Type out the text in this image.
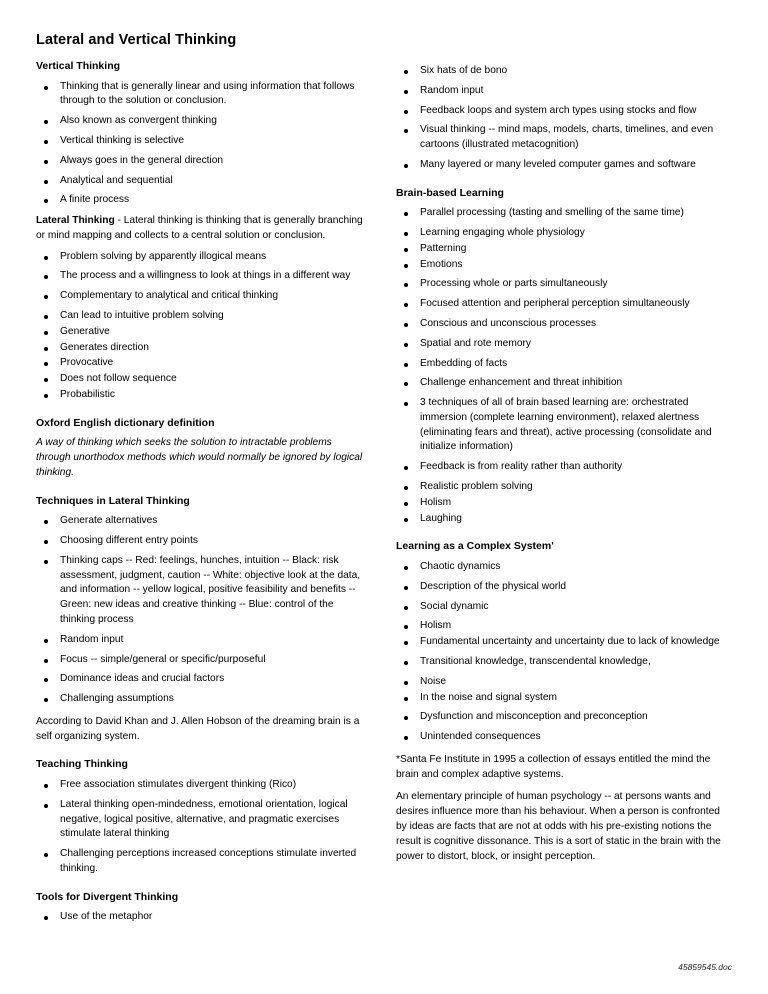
Lateral and Vertical Thinking
Vertical Thinking
Thinking that is generally linear and using information that follows through to the solution or conclusion.
Also known as convergent thinking
Vertical thinking is selective
Always goes in the general direction
Analytical and sequential
A finite process

Lateral Thinking - Lateral thinking is thinking that is generally branching or mind mapping and collects to a central solution or conclusion.

Problem solving by apparently illogical means
The process and a willingness to look at things in a different way
Complementary to analytical and critical thinking
Can lead to intuitive problem solving
Generative
Generates direction
Provocative
Does not follow sequence
Probabilistic
Oxford English dictionary definition

A way of thinking which seeks the solution to intractable problems through unorthodox methods which would normally be ignored by logical thinking.

Techniques in Lateral Thinking
Generate alternatives
Choosing different entry points
Thinking caps -- Red: feelings, hunches, intuition -- Black: risk assessment, judgment, caution -- White: objective look at the data, and information -- yellow logical, positive feasibility and benefits -- Green: new ideas and creative thinking -- Blue: control of the thinking process
Random input
Focus -- simple/general or specific/purposeful
Dominance ideas and crucial factors
Challenging assumptions

According to David Khan and J. Allen Hobson of the dreaming brain is a self organizing system.

Teaching Thinking
Free association stimulates divergent thinking (Rico)
Lateral thinking open-mindedness, emotional orientation, logical negative, logical positive, alternative, and pragmatic exercises stimulate lateral thinking
Challenging perceptions increased conceptions stimulate inverted thinking.
Tools for Divergent Thinking
Use of the metaphor
Six hats of de bono
Random input
Feedback loops and system arch types using stocks and flow
Visual thinking -- mind maps, models, charts, timelines, and even cartoons (illustrated metacognition)
Many layered or many leveled computer games and software
Brain-based Learning
Parallel processing (tasting and smelling of the same time)
Learning engaging whole physiology
Patterning
Emotions
Processing whole or parts simultaneously
Focused attention and peripheral perception simultaneously
Conscious and unconscious processes
Spatial and rote memory
Embedding of facts
Challenge enhancement and threat inhibition
3 techniques of all of brain based learning are: orchestrated immersion (complete learning environment), relaxed alertness (eliminating fears and threat), active processing (consolidate and initialize information)
Feedback is from reality rather than authority
Realistic problem solving
Holism
Laughing
Learning as a Complex System'
Chaotic dynamics
Description of the physical world
Social dynamic
Holism
Fundamental uncertainty and uncertainty due to lack of knowledge
Transitional knowledge, transcendental knowledge,
Noise
In the noise and signal system
Dysfunction and misconception and preconception
Unintended consequences

*Santa Fe Institute in 1995 a collection of essays entitled the mind the brain and complex adaptive systems.

An elementary principle of human psychology -- at persons wants and desires influence more than his behaviour. When a person is confronted by ideas are facts that are not at odds with his pre-existing notions the result is cognitive dissonance. This is a sort of static in the brain with the power to distort, block, or insight perception.

45859545.doc
